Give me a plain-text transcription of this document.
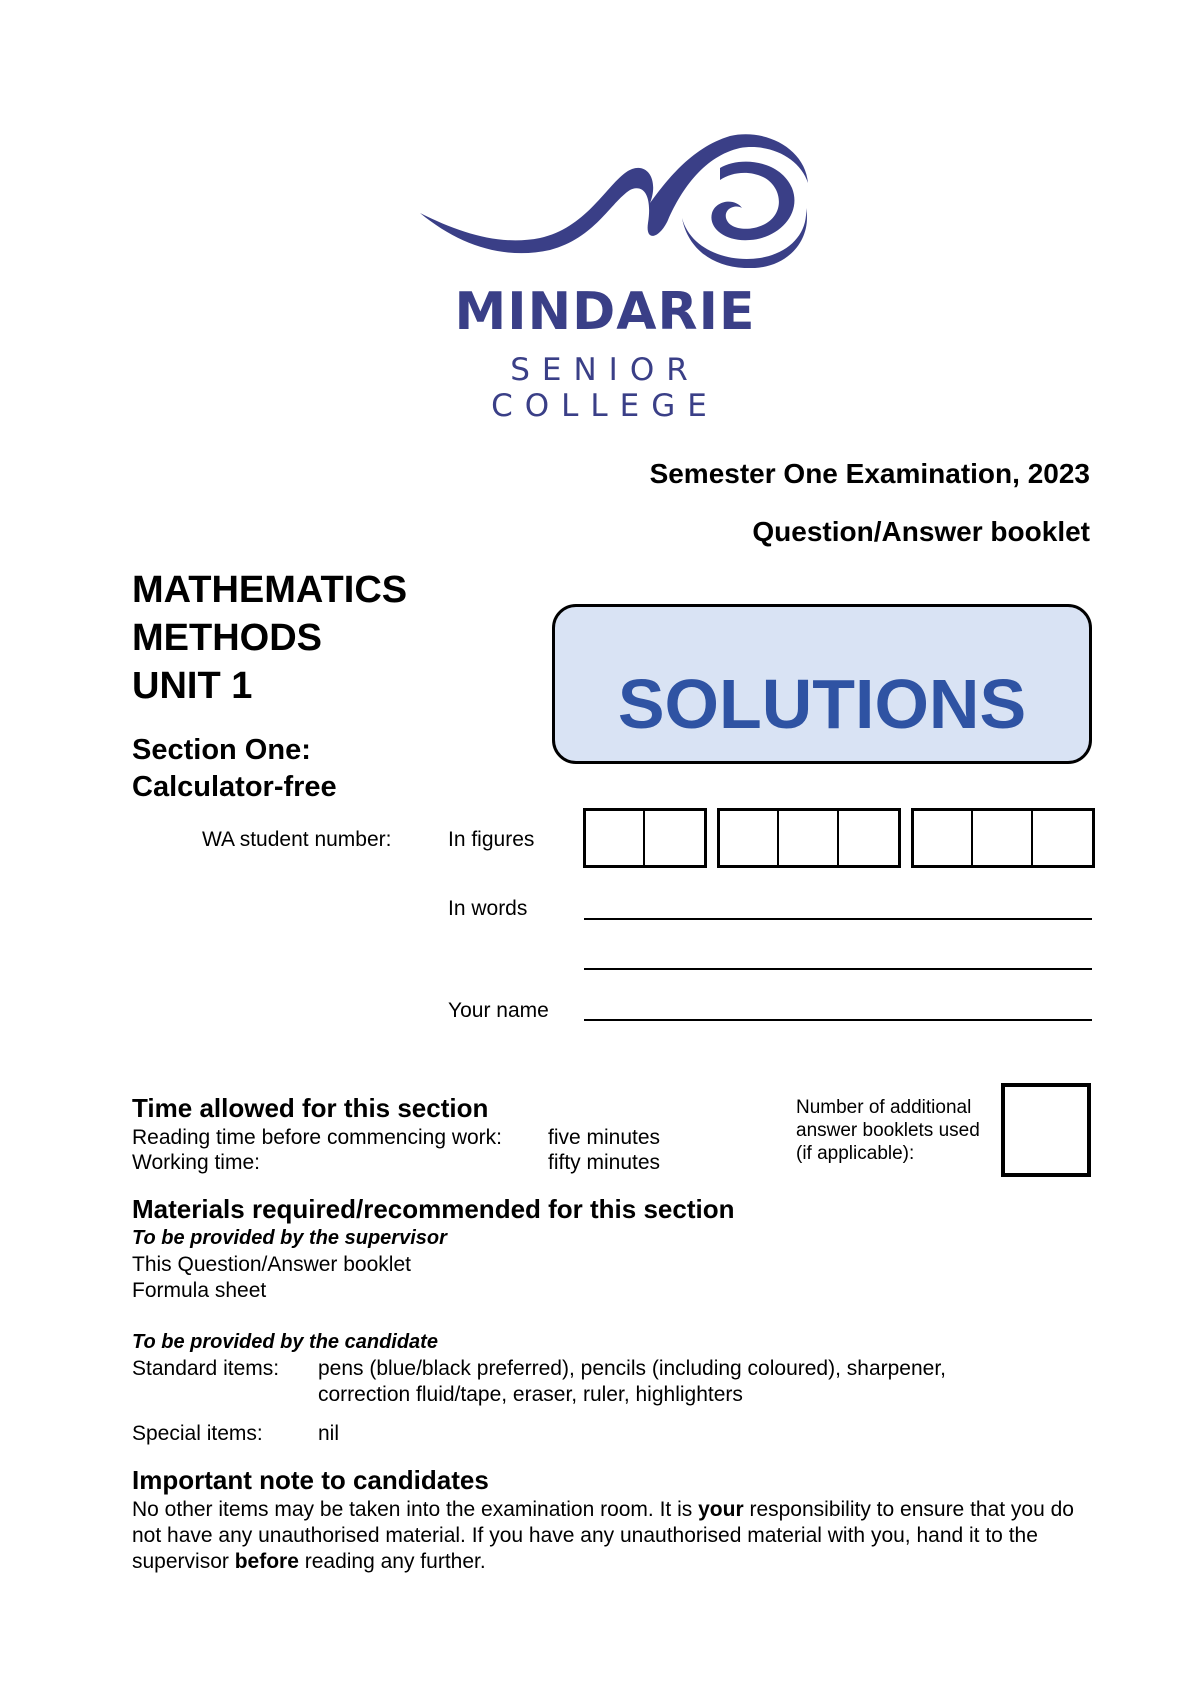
MINDARIE
SENIOR COLLEGE
Semester One Examination, 2023
Question/Answer booklet
MATHEMATICS
METHODS
UNIT 1
Section One:
Calculator-free
SOLUTIONS
WA student number:	In figures
In words
Your name
Time allowed for this section
Reading time before commencing work: five minutes
Working time:	fifty minutes
Number of additional answer booklets used (if applicable):
Materials required/recommended for this section
To be provided by the supervisor
This Question/Answer booklet
Formula sheet
To be provided by the candidate
Standard items: pens (blue/black preferred), pencils (including coloured), sharpener,
correction fluid/tape, eraser, ruler, highlighters
Special items:	nil
Important note to candidates
No other items may be taken into the examination room. It is your responsibility to ensure that you do not have any unauthorised material. If you have any unauthorised material with you, hand it to the supervisor before reading any further.
